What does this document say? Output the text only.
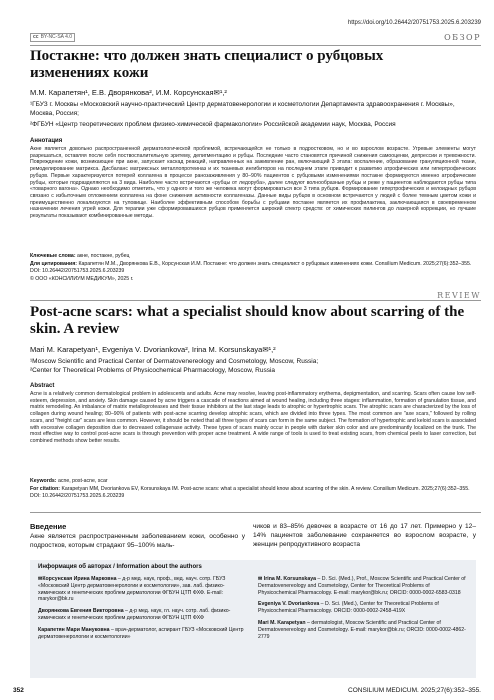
https://doi.org/10.26442/20751753.2025.6.203239
cc BY-NC-SA 4.0	ОБЗОР
Постакне: что должен знать специалист о рубцовых изменениях кожи
М.М. Карапетян¹, Е.В. Дворянкова², И.М. Корсунская✉¹,²
¹ГБУЗ г. Москвы «Московский научно-практический Центр дерматовенерологии и косметологии Департамента здравоохранения г. Москвы», Москва, Россия;
²ФГБУН «Центр теоретических проблем физико-химической фармакологии» Российской академии наук, Москва, Россия
Аннотация
Акне является довольно распространенной дерматологической проблемой, встречающейся не только в подростковом, но и во взрослом возрасте. Угревые элементы могут разрешаться, оставляя после себя поствоспалительную эритему, депигментацию и рубцы. Последние часто становятся причиной снижения самооценки, депрессии и тревожности. Повреждение кожи, возникающее при акне, запускает каскад реакций, направленных на заживление ран, включающий 3 этапа: воспаление, образование грануляционной ткани, ремоделирование матрикса. Дисбаланс матриксных металлопротеиназ и их тканевых ингибиторов на последнем этапе приводит к развитию атрофических или гипертрофических рубцов. Первые характеризуются потерей коллагена в процессе ранозаживления у 80–90% пациентов с рубцовыми изменениями постакне формируются именно атрофические рубцы, которые подразделяются на 3 вида. Наиболее часто встречаются «рубцы от ледоруба», далее следуют волнообразные рубцы и реже у пациентов наблюдаются рубцы типа «товарного вагона». Однако необходимо отметить, что у одного и того же человека могут формироваться все 3 типа рубцов. Формирование гипертрофических и келоидных рубцов связано с избыточным отложением коллагена на фоне снижения активности коллагеназы. Данные виды рубцов в основном встречаются у людей с более темным цветом кожи и преимущественно локализуются на туловище. Наиболее эффективным способом борьбы с рубцами постакне является их профилактика, заключающаяся в своевременном назначении лечения угрей кожи. Для терапии уже сформировавшихся рубцов применяется широкий спектр средств: от химических пилингов до лазерной коррекции, но лучшие результаты показывают комбинированные методы.
Ключевые слова: акне, постакне, рубец
Для цитирования: Карапетян М.М., Дворянкова Е.В., Корсунская И.М. Постакне: что должен знать специалист о рубцовых изменениях кожи. Consilium Medicum. 2025;27(6):352–355. DOI: 10.26442/20751753.2025.6.203239
© ООО «КОНСИЛИУМ МЕДИКУМ», 2025 г.
REVIEW
Post-acne scars: what a specialist should know about scarring of the skin. A review
Mari M. Karapetyan¹, Evgeniya V. Dvoriankova², Irina M. Korsunskaya✉¹,²
¹Moscow Scientific and Practical Center of Dermatovenereology and Cosmetology, Moscow, Russia;
²Center for Theoretical Problems of Physicochemical Pharmacology, Moscow, Russia
Abstract
Acne is a relatively common dermatological problem in adolescents and adults. Acne may resolve, leaving post-inflammatory erythema, depigmentation, and scarring. Scars often cause low self-esteem, depression, and anxiety. Skin damage caused by acne triggers a cascade of reactions aimed at wound healing, including three stages: inflammation, formation of granulation tissue, and matrix remodeling. An imbalance of matrix metalloproteases and their tissue inhibitors at the last stage leads to atrophic or hypertrophic scars. The atrophic scars are characterized by the loss of collagen during wound healing; 80–90% of patients with post-acne scarring develop atrophic scars, which are divided into three types. The most common are "axe scars," followed by rolling scars, and "freight car" scars are less common. However, it should be noted that all three types of scars can form in the same subject. The formation of hypertrophic and keloid scars is associated with excessive collagen deposition due to decreased collagenase activity. These types of scars mainly occur in people with darker skin color and are predominantly localized on the trunk. The most effective way to control post-acne scars is through prevention with proper acne treatment. A wide range of tools is used to treat existing scars, from chemical peels to laser correction, but combined methods show better results.
Keywords: acne, post-acne, scar
For citation: Karapetyan MM, Dvoriankova EV, Korsunskaya IM. Post-acne scars: what a specialist should know about scarring of the skin. A review. Consilium Medicum. 2025;27(6):352–355. DOI: 10.26442/20751753.2025.6.203239
Введение
Акне является распространенным заболеванием кожи, особенно у подростков, которым страдают 95–100% маль-
чиков и 83–85% девочек в возрасте от 16 до 17 лет. Примерно у 12–14% пациентов заболевание сохраняется во взрослом возрасте, у женщин репродуктивного возраста
Информация об авторах / Information about the authors

✉Корсунская Ирина Марковна – д-р мед. наук, проф., вед. науч. сотр. ГБУЗ «Московский Центр дерматовенерологии и косметологии», зав. лаб. физико-химических и генетических проблем дерматологии ФГБУН ЦТП ФХФ. E-mail: marykor@bk.ru

Дворянкова Евгения Викторовна – д-р мед. наук, гл. науч. сотр. лаб. физико-химических и генетических проблем дерматологии ФГБУН ЦТП ФХФ

Карапетян Мари Мануковна – врач-дерматолог, аспирант ГБУЗ «Московский Центр дерматовенерологии и косметологии»

✉ Irina M. Korsunskaya – D. Sci. (Med.), Prof., Moscow Scientific and Practical Center of Dermatovenereology and Cosmetology, Center for Theoretical Problems of Physicochemical Pharmacology. E-mail: marykor@bk.ru; ORCID: 0000-0002-6583-0318

Evgeniya V. Dvoriankova – D. Sci. (Med.), Center for Theoretical Problems of Physicochemical Pharmacology. ORCID: 0000-0002-2458-419X

Mari M. Karapetyan – dermatologist, Moscow Scientific and Practical Center of Dermatovenereology and Cosmetology. E-mail: marykor@bk.ru; ORCID: 0000-0002-4862-2779

352	CONSILIUM MEDICUM. 2025;27(6):352–355.
